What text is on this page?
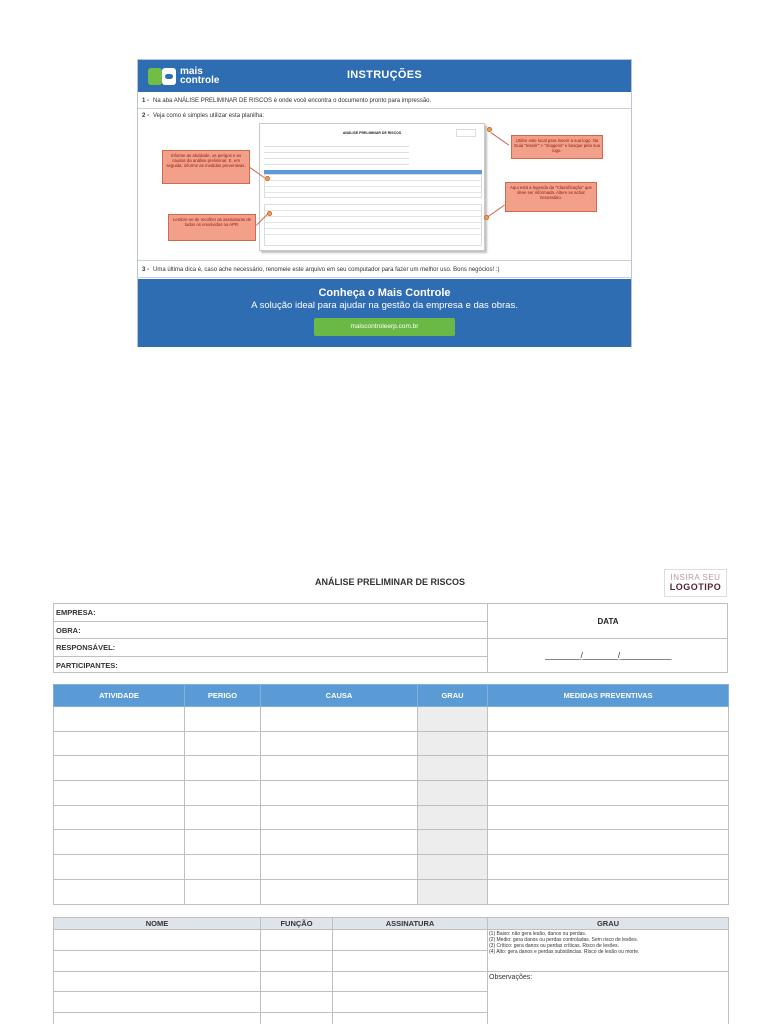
mais
controle	INSTRUÇÕES
1 - Na aba ANÁLISE PRELIMINAR DE RISCOS é onde você encontra o documento pronto para impressão.
2 - Veja como é simples utilizar esta planilha:
ANÁLISE PRELIMINAR DE RISCOS
Informe as atividade, os perigos e as causas da análise preliminar. E, em seguida, informe as medidas preventivas.
Lembre-se de recolher as assinaturas de todos os envolvidos na APR.
Utilize este local para inserir a sua logo. Na Guia "Inserir" > "Imagens" e busque pela sua logo.
Aqui está a legenda da "Classificação" que deve ser informada. Altere se achar necessário.
3 - Uma última dica é, caso ache necessário, renomeie este arquivo em seu computador para fazer um melhor uso. Bons negócios! :)
Conheça o Mais Controle
A solução ideal para ajudar na gestão da empresa e das obras.
maiscontroleerp.com.br
ANÁLISE PRELIMINAR DE RISCOS	INSIRA SEU
LOGOTIPO
EMPRESA:
OBRA:
RESPONSÁVEL:
PARTICIPANTES:
DATA
_________/_________/_____________
ATIVIDADE	PERIGO	CAUSA	GRAU	MEDIDAS PREVENTIVAS

NOME	FUNÇÃO	ASSINATURA	GRAU

			(1) Baixo: não gera lesão, danos ou perdas.
(2) Medio: gera danos ou perdas controladas. Sem risco de lesões.
(3) Crítico: gera danos ou perdas críticas. Risco de lesões.
(4) Alto: gera danos e perdas substâncias. Risco de lesão ou morte.

			Observações:
